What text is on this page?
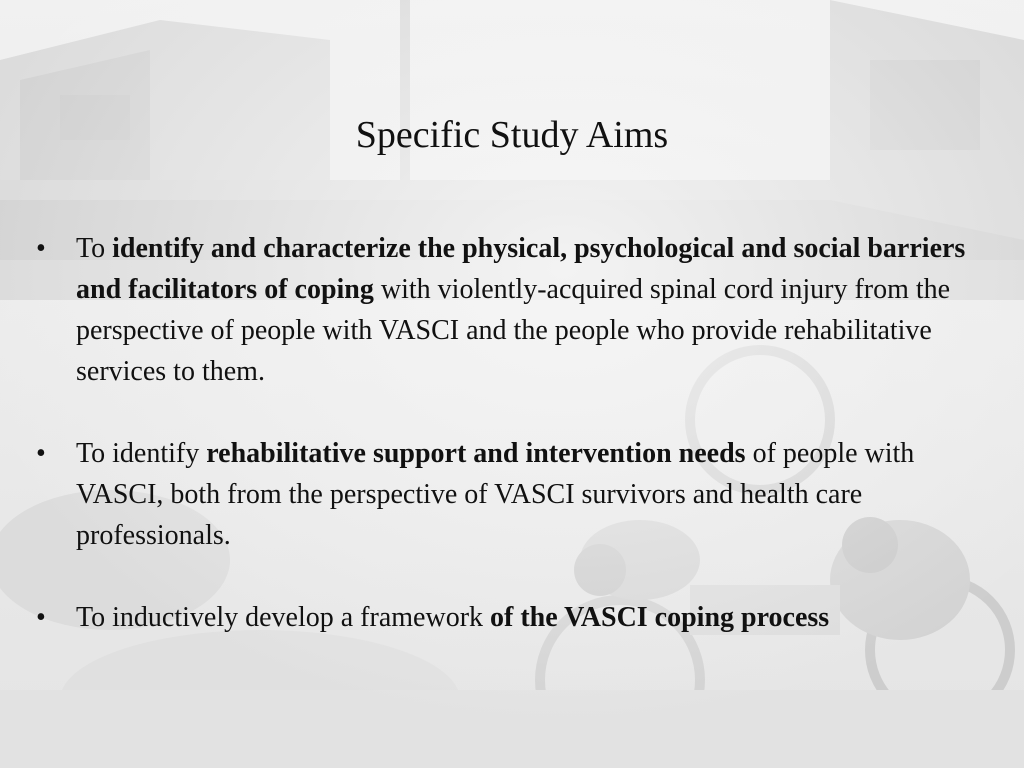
Specific Study Aims
•	To identify and characterize the physical, psychological and social barriers and facilitators of coping with violently-acquired spinal cord injury from the perspective of people with VASCI and the people who provide rehabilitative services to them.
•	To identify rehabilitative support and intervention needs of people with VASCI, both from the perspective of VASCI survivors and health care professionals.
•	To inductively develop a framework of the VASCI coping process
